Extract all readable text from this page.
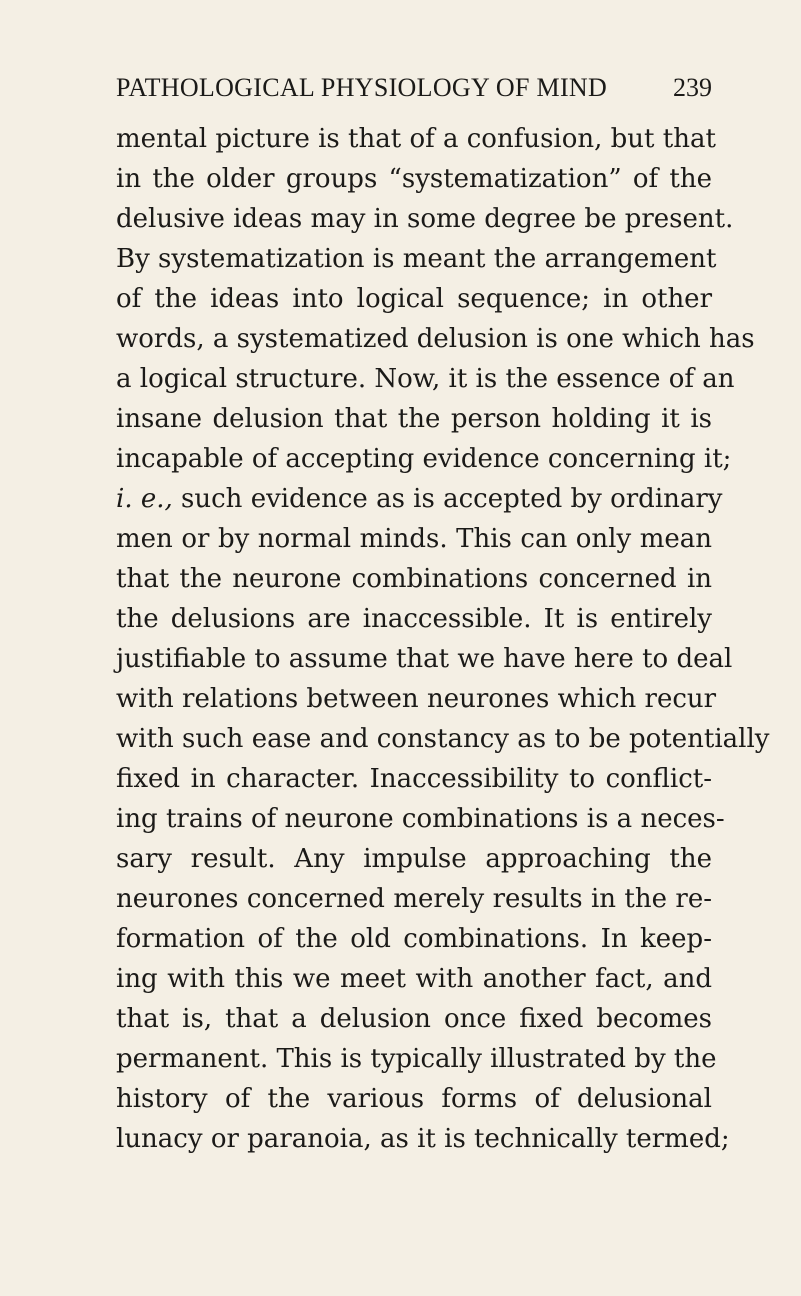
PATHOLOGICAL PHYSIOLOGY OF MIND	239
mental picture is that of a confusion, but that
in the older groups “systematization” of the
delusive ideas may in some degree be present.
By systematization is meant the arrangement
of the ideas into logical sequence; in other
words, a systematized delusion is one which has
a logical structure. Now, it is the essence of an
insane delusion that the person holding it is
incapable of accepting evidence concerning it;
i. e., such evidence as is accepted by ordinary
men or by normal minds. This can only mean
that the neurone combinations concerned in
the delusions are inaccessible. It is entirely
justifiable to assume that we have here to deal
with relations between neurones which recur
with such ease and constancy as to be potentially
fixed in character. Inaccessibility to conflict-
ing trains of neurone combinations is a neces-
sary result. Any impulse approaching the
neurones concerned merely results in the re-
formation of the old combinations. In keep-
ing with this we meet with another fact, and
that is, that a delusion once fixed becomes
permanent. This is typically illustrated by the
history of the various forms of delusional
lunacy or paranoia, as it is technically termed;
